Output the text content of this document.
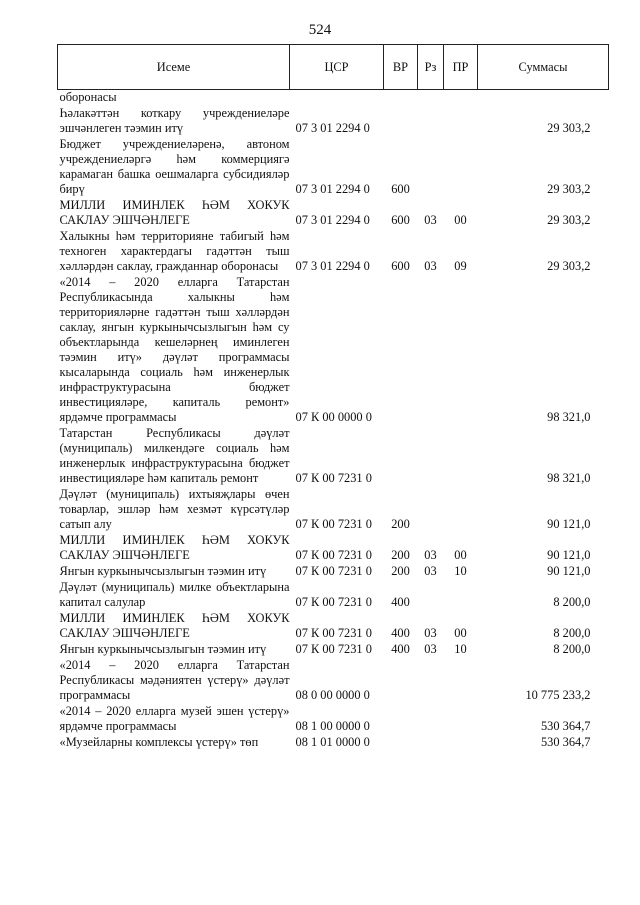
524
Исеме	ЦСР	ВР	Рз	ПР	Суммасы
оборонасы					
Һәлакәттән коткару учреждениеләре эшчәнлеген тәэмин итү	07 3 01 2294 0				29 303,2
Бюджет учреждениеләренә, автоном учреждениеләргә һәм коммерциягә карамаган башка оешмаларга субсидияләр бирү	07 3 01 2294 0	600			29 303,2
МИЛЛИ ИМИНЛЕК ҺӘМ ХОКУК САКЛАУ ЭШЧӘНЛЕГЕ	07 3 01 2294 0	600	03	00	29 303,2
Халыкны һәм территорияне табигый һәм техноген характердагы гадәттән тыш хәлләрдән саклау, гражданнар оборонасы	07 3 01 2294 0	600	03	09	29 303,2
«2014 – 2020 елларга Татарстан Республикасында халыкны һәм территорияләрне гадәттән тыш хәлләрдән саклау, янгын куркынычсызлыгын һәм су объектларында кешеләрнең иминлеген тәэмин итү» дәүләт программасы кысаларында социаль һәм инженерлык инфраструктурасына бюджет инвестицияләре, капиталь ремонт» ярдәмче программасы	07 К 00 0000 0				98 321,0
Татарстан Республикасы дәүләт (муниципаль) милкендәге социаль һәм инженерлык инфраструктурасына бюджет инвестицияләре һәм капиталь ремонт	07 К 00 7231 0				98 321,0
Дәүләт (муниципаль) ихтыяҗлары өчен товарлар, эшләр һәм хезмәт күрсәтүләр сатып алу	07 К 00 7231 0	200			90 121,0
МИЛЛИ ИМИНЛЕК ҺӘМ ХОКУК САКЛАУ ЭШЧӘНЛЕГЕ	07 К 00 7231 0	200	03	00	90 121,0
Янгын куркынычсызлыгын тәэмин итү	07 К 00 7231 0	200	03	10	90 121,0
Дәүләт (муниципаль) милке объектларына капитал салулар	07 К 00 7231 0	400			8 200,0
МИЛЛИ ИМИНЛЕК ҺӘМ ХОКУК САКЛАУ ЭШЧӘНЛЕГЕ	07 К 00 7231 0	400	03	00	8 200,0
Янгын куркынычсызлыгын тәэмин итү	07 К 00 7231 0	400	03	10	8 200,0
«2014 – 2020 елларга Татарстан Республикасы мәдәниятен үстерү» дәүләт программасы	08 0 00 0000 0				10 775 233,2
«2014 – 2020 елларга музей эшен үстерү» ярдәмче программасы	08 1 00 0000 0				530 364,7
«Музейларны комплексы үстерү» төп	08 1 01 0000 0				530 364,7
